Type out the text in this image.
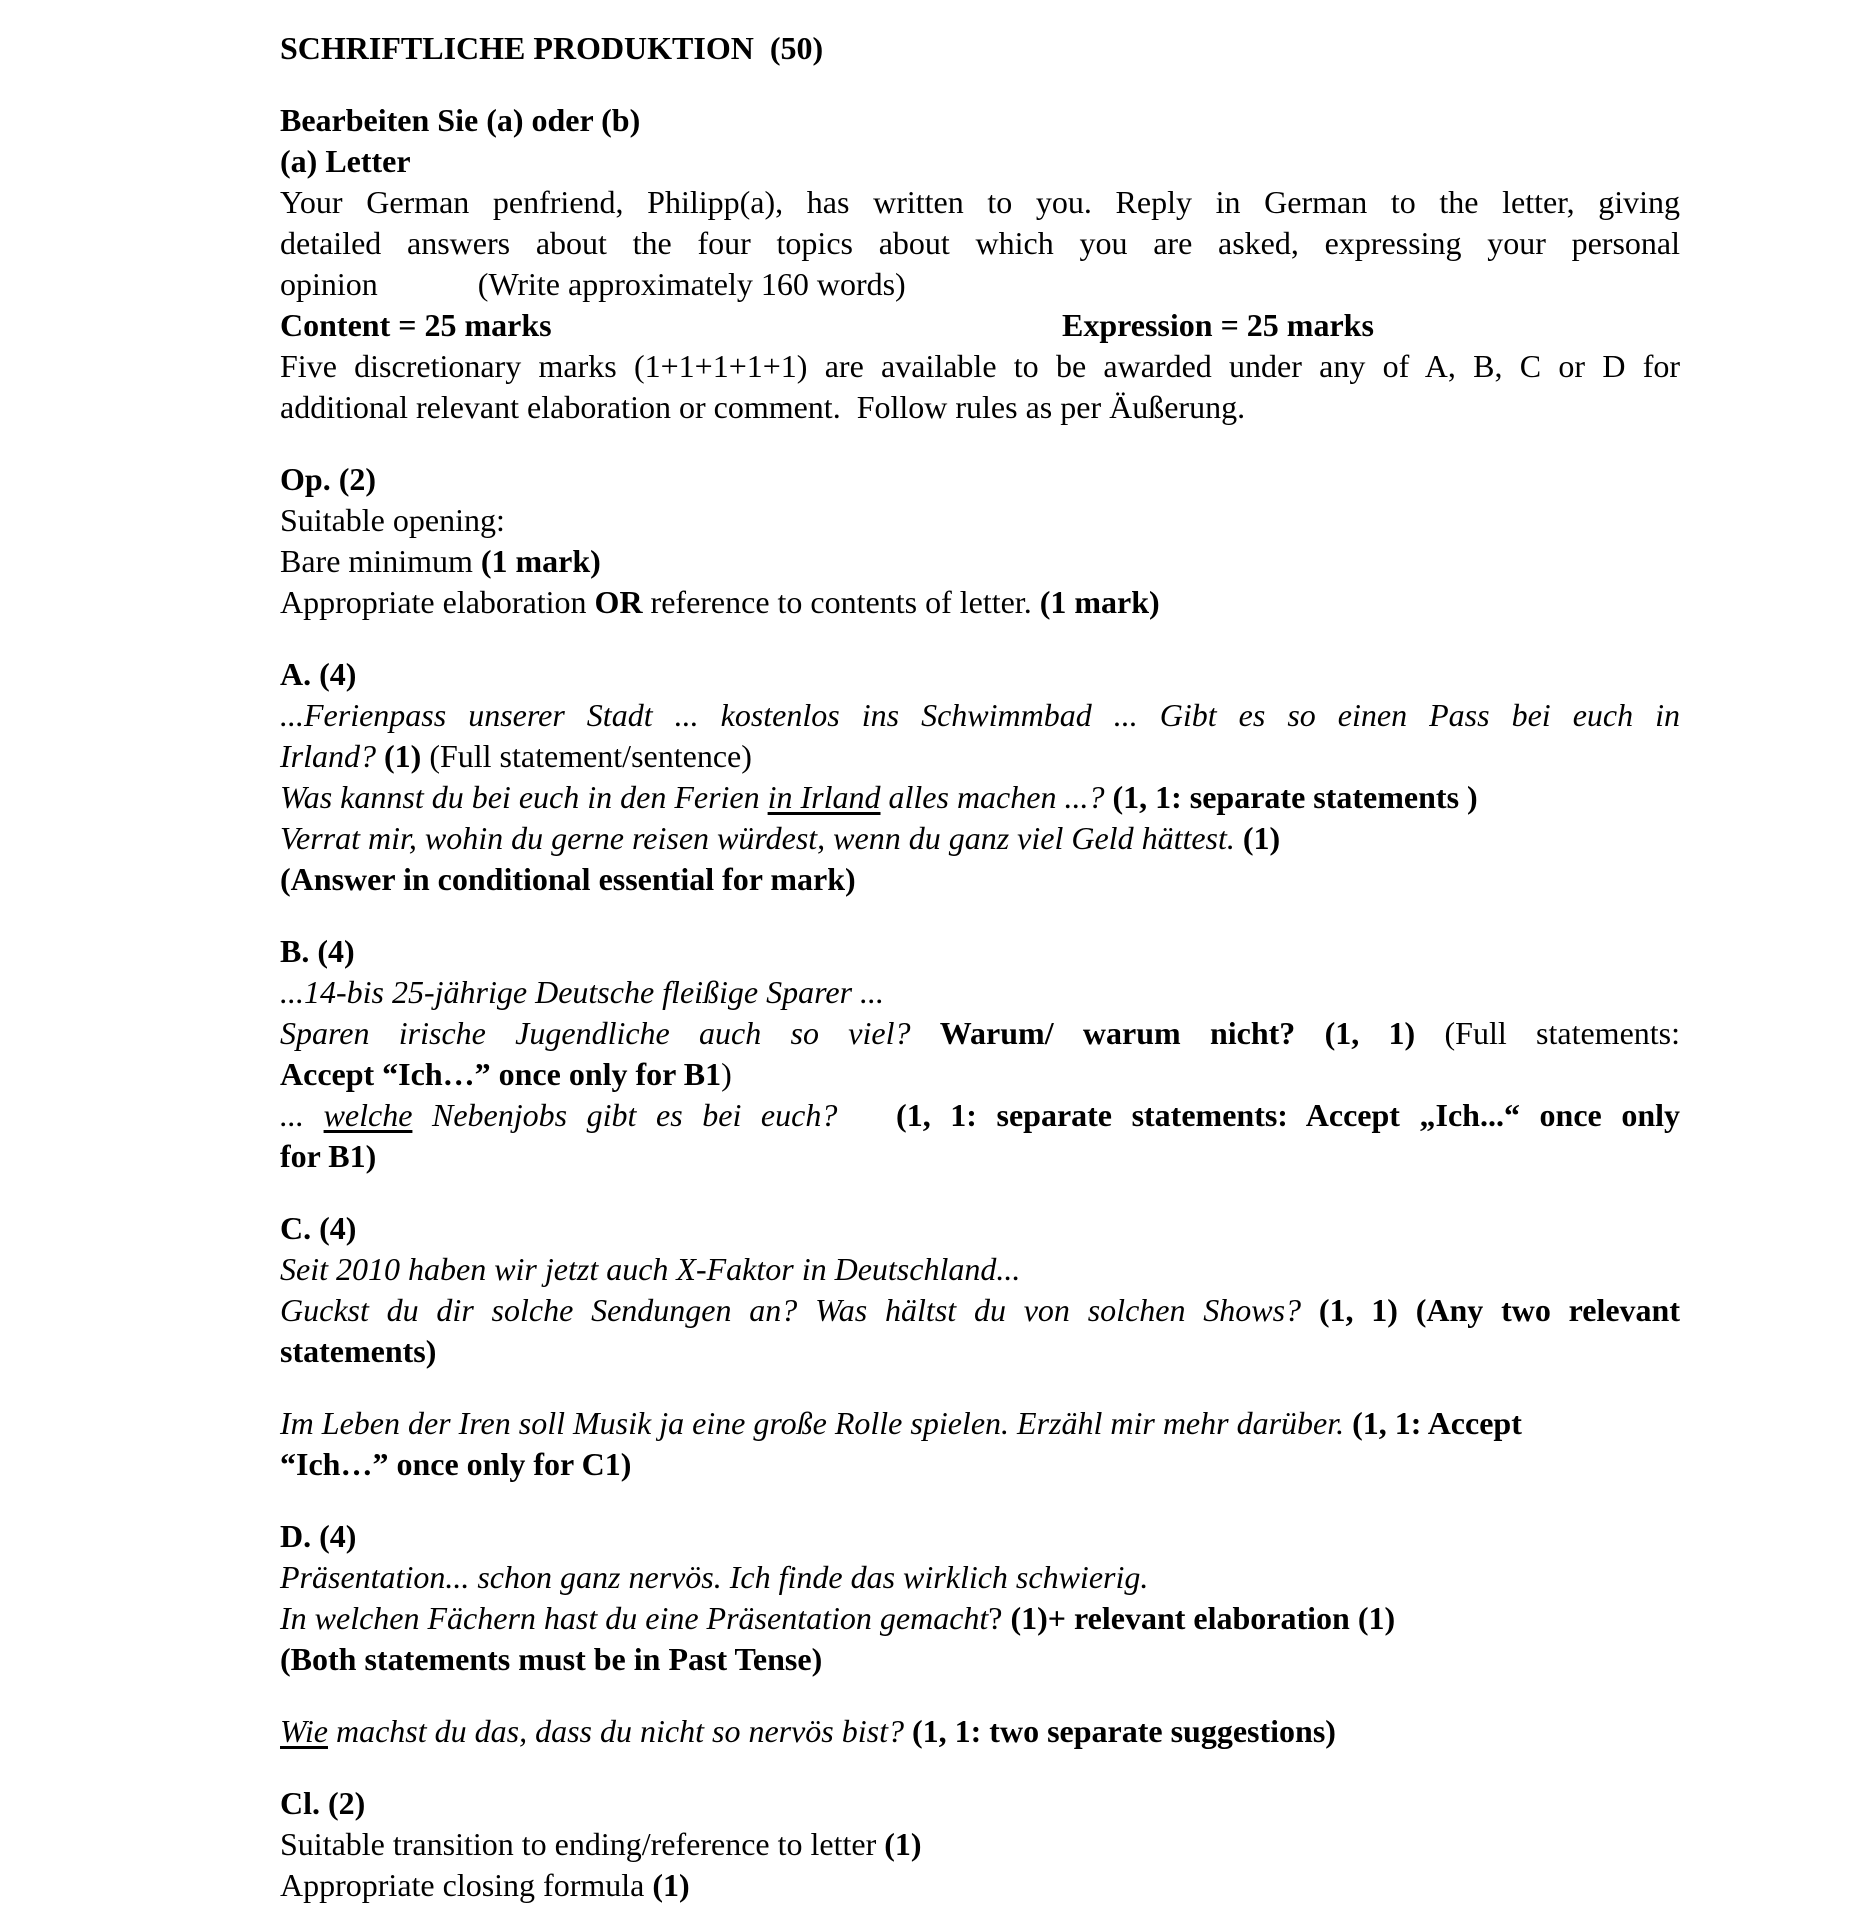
SCHRIFTLICHE PRODUKTION  (50)
Bearbeiten Sie (a) oder (b)
(a) Letter
Your German penfriend, Philipp(a), has written to you. Reply in German to the letter, giving
detailed answers about the four topics about which you are asked, expressing your personal
opinion	(Write approximately 160 words)
Content = 25 marks	Expression = 25 marks
Five discretionary marks (1+1+1+1+1) are available to be awarded under any of A, B, C or D for
additional relevant elaboration or comment.  Follow rules as per Äußerung.
Op. (2)
Suitable opening:
Bare minimum (1 mark)
Appropriate elaboration OR reference to contents of letter. (1 mark)
A. (4)
...Ferienpass unserer Stadt ... kostenlos ins Schwimmbad ... Gibt es so einen Pass bei euch in
Irland? (1) (Full statement/sentence)
Was kannst du bei euch in den Ferien in Irland alles machen ...? (1, 1: separate statements )
Verrat mir, wohin du gerne reisen würdest, wenn du ganz viel Geld hättest. (1)
(Answer in conditional essential for mark)
B. (4)
...14-bis 25-jährige Deutsche fleißige Sparer ...
Sparen irische Jugendliche auch so viel? Warum/ warum nicht? (1, 1) (Full statements:
Accept “Ich…” once only for B1)
... welche Nebenjobs gibt es bei euch?   (1, 1: separate statements: Accept „Ich...“ once only
for B1)
C. (4)
Seit 2010 haben wir jetzt auch X-Faktor in Deutschland...
Guckst du dir solche Sendungen an? Was hältst du von solchen Shows? (1, 1) (Any two relevant
statements)
Im Leben der Iren soll Musik ja eine große Rolle spielen. Erzähl mir mehr darüber. (1, 1: Accept
“Ich…” once only for C1)
D. (4)
Präsentation... schon ganz nervös. Ich finde das wirklich schwierig.
In welchen Fächern hast du eine Präsentation gemacht? (1)+ relevant elaboration (1)
(Both statements must be in Past Tense)
Wie machst du das, dass du nicht so nervös bist? (1, 1: two separate suggestions)
Cl. (2)
Suitable transition to ending/reference to letter (1)
Appropriate closing formula (1)
